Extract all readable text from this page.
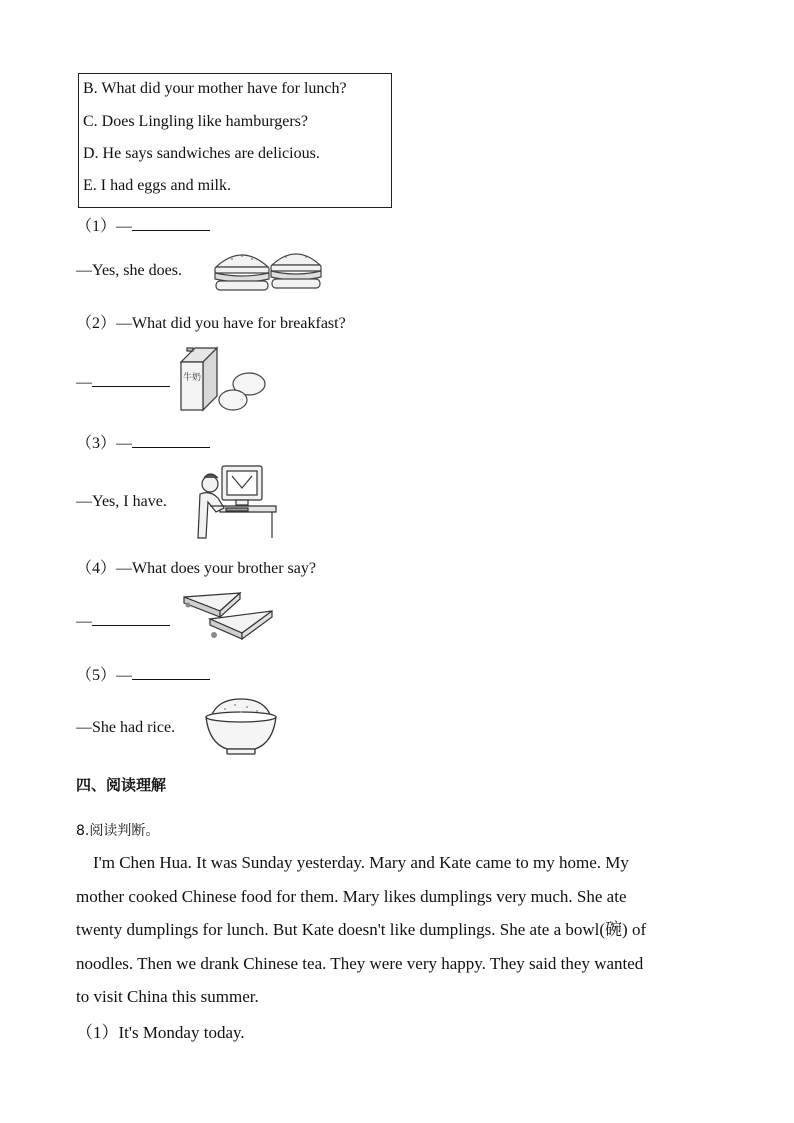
B. What did your mother have for lunch?
C. Does Lingling like hamburgers?
D. He says sandwiches are delicious.
E. I had eggs and milk.
（1）—
—Yes, she does.
（2）—What did you have for breakfast?
—	牛奶
（3）—
—Yes, I have.
（4）—What does your brother say?
—
（5）—
—She had rice.
四、阅读理解
8.阅读判断。
I'm Chen Hua. It was Sunday yesterday. Mary and Kate came to my home. My
mother cooked Chinese food for them. Mary likes dumplings very much. She ate
twenty dumplings for lunch. But Kate doesn't like dumplings. She ate a bowl(碗) of
noodles. Then we drank Chinese tea. They were very happy. They said they wanted
to visit China this summer.
（1）It's Monday today.
